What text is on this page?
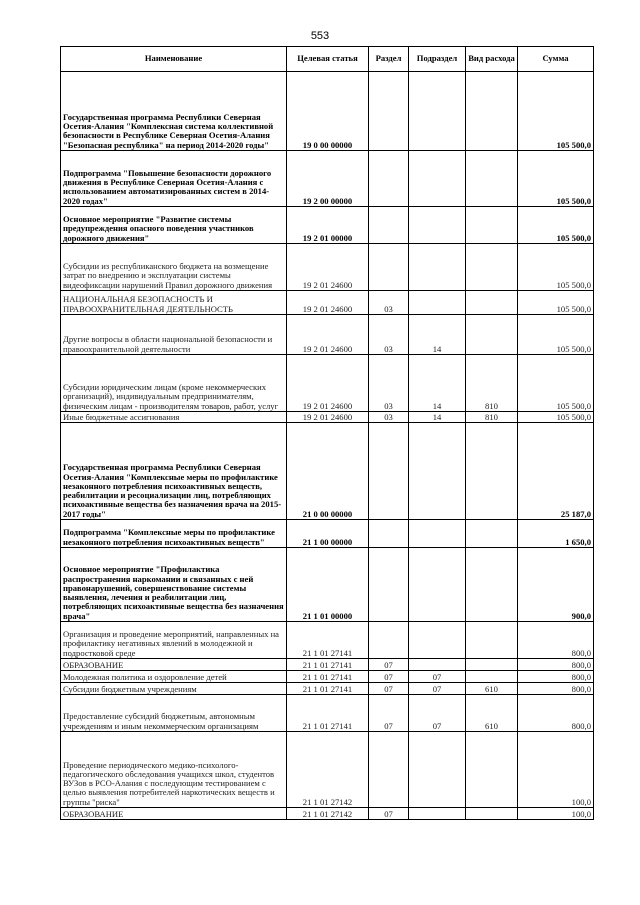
553
Наименование	Целевая статья	Раздел	Подраздел	Вид расхода	Сумма
Государственная программа Республики Северная Осетия-Алания "Комплексная система коллективной безопасности в Республике Северная Осетия-Алания "Безопасная республика" на период 2014-2020 годы"	19 0 00 00000				105 500,0
Подпрограмма "Повышение безопасности дорожного движения в Республике Северная Осетия-Алания с использованием автоматизированных систем в 2014-2020 годах"	19 2 00 00000				105 500,0
Основное мероприятие "Развитие системы предупреждения опасного поведения участников дорожного движения"	19 2 01 00000				105 500,0
Субсидии из республиканского бюджета на возмещение затрат по внедрению и эксплуатации системы видеофиксации нарушений Правил дорожного движения	19 2 01 24600				105 500,0
НАЦИОНАЛЬНАЯ БЕЗОПАСНОСТЬ И ПРАВООХРАНИТЕЛЬНАЯ ДЕЯТЕЛЬНОСТЬ	19 2 01 24600	03			105 500,0
Другие вопросы в области национальной безопасности и правоохранительной деятельности	19 2 01 24600	03	14		105 500,0
Субсидии юридическим лицам (кроме некоммерческих организаций), индивидуальным предпринимателям, физическим лицам - производителям товаров, работ, услуг	19 2 01 24600	03	14	810	105 500,0
Иные бюджетные ассигнования	19 2 01 24600	03	14	810	105 500,0
Государственная программа Республики Северная Осетия-Алания "Комплексные меры по профилактике незаконного потребления психоактивных веществ, реабилитации и ресоциализации лиц, потребляющих психоактивные вещества без назначения врача на 2015-2017 годы"	21 0 00 00000				25 187,0
Подпрограмма "Комплексные меры по профилактике незаконного потребления психоактивных веществ"	21 1 00 00000				1 650,0
Основное мероприятие "Профилактика распространения наркомании и связанных с ней правонарушений, совершенствование системы выявления, лечения и реабилитации лиц, потребляющих психоактивные вещества без назначения врача"	21 1 01 00000				900,0
Организация и проведение мероприятий, направленных на профилактику негативных явлений в молодежной и подростковой среде	21 1 01 27141				800,0
ОБРАЗОВАНИЕ	21 1 01 27141	07			800,0
Молодежная политика и оздоровление детей	21 1 01 27141	07	07		800,0
Субсидии бюджетным учреждениям	21 1 01 27141	07	07	610	800,0
Предоставление субсидий бюджетным, автономным учреждениям и иным некоммерческим организациям	21 1 01 27141	07	07	610	800,0
Проведение периодического медико-психолого-педагогического обследования учащихся школ, студентов ВУЗов в РСО-Алания с последующим тестированием с целью выявления потребителей наркотических веществ и группы "риска"	21 1 01 27142				100,0
ОБРАЗОВАНИЕ	21 1 01 27142	07			100,0
